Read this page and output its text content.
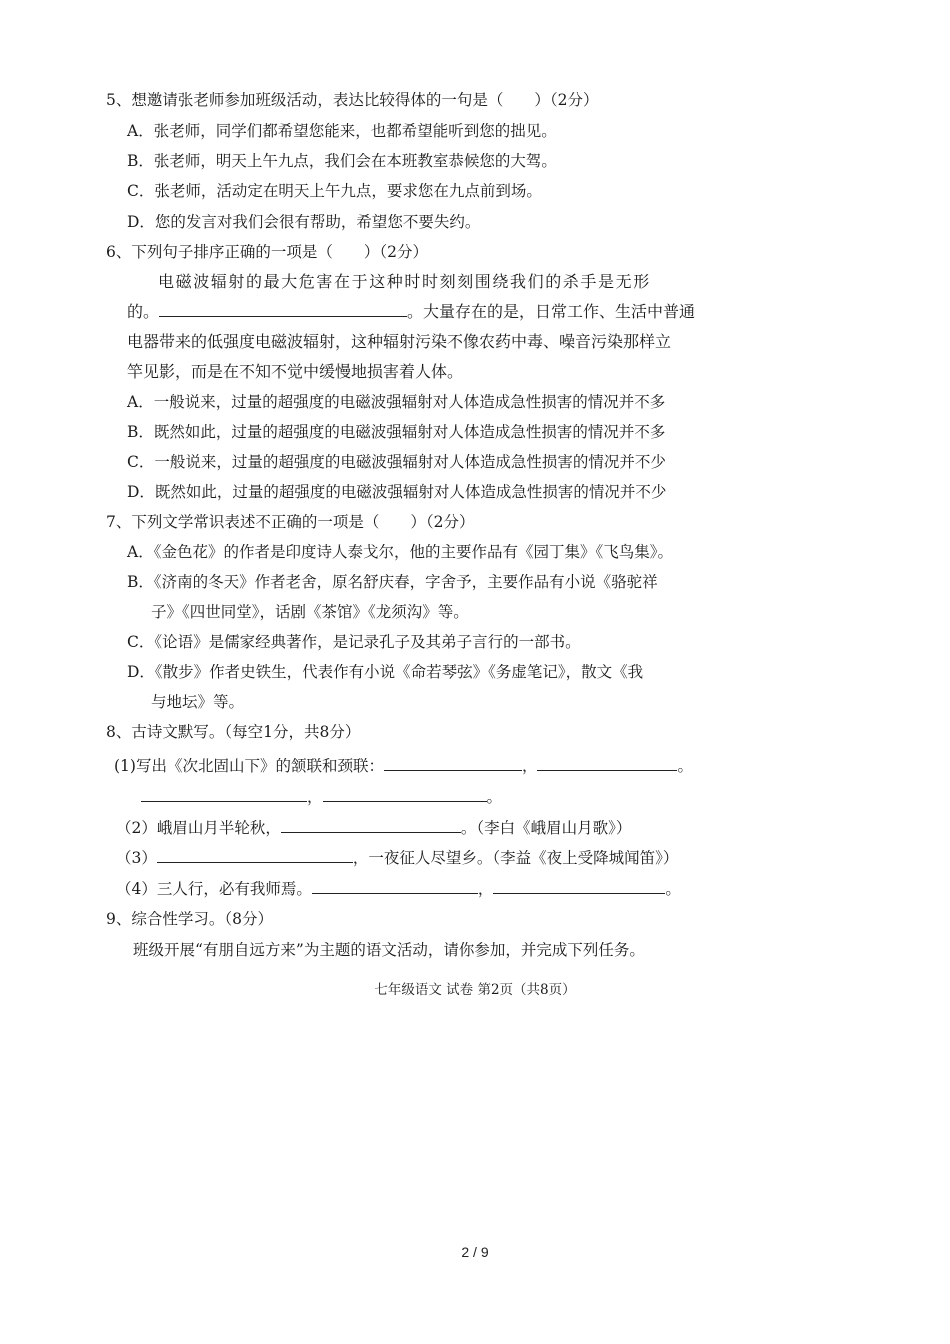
5、想邀请张老师参加班级活动，表达比较得体的一句是（　　）（2分）
A．张老师，同学们都希望您能来，也都希望能听到您的拙见。
B．张老师，明天上午九点，我们会在本班教室恭候您的大驾。
C．张老师，活动定在明天上午九点，要求您在九点前到场。
D．您的发言对我们会很有帮助，希望您不要失约。
6、下列句子排序正确的一项是（　　）（2分）
电磁波辐射的最大危害在于这种时时刻刻围绕我们的杀手是无形
的。	。大量存在的是，日常工作、生活中普通
电器带来的低强度电磁波辐射，这种辐射污染不像农药中毒、噪音污染那样立
竿见影，而是在不知不觉中缓慢地损害着人体。
A．一般说来，过量的超强度的电磁波强辐射对人体造成急性损害的情况并不多
B．既然如此，过量的超强度的电磁波强辐射对人体造成急性损害的情况并不多
C．一般说来，过量的超强度的电磁波强辐射对人体造成急性损害的情况并不少
D．既然如此，过量的超强度的电磁波强辐射对人体造成急性损害的情况并不少
7、下列文学常识表述不正确的一项是（　　）（2分）
A．《金色花》的作者是印度诗人泰戈尔，他的主要作品有《园丁集》《飞鸟集》。
B．《济南的冬天》作者老舍，原名舒庆春，字舍予，主要作品有小说《骆驼祥
子》《四世同堂》，话剧《茶馆》《龙须沟》等。
C．《论语》是儒家经典著作，是记录孔子及其弟子言行的一部书。
D．《散步》作者史铁生，代表作有小说《命若琴弦》《务虚笔记》，散文《我
与地坛》等。
8、古诗文默写。（每空1分，共8分）
(1)写出《次北固山下》的颔联和颈联：	，	。
，	。
（2）峨眉山月半轮秋，	。（李白《峨眉山月歌》）
（3）	，一夜征人尽望乡。（李益《夜上受降城闻笛》）
（4）三人行，必有我师焉。	，	。
9、综合性学习。（8分）
班级开展“有朋自远方来”为主题的语文活动，请你参加，并完成下列任务。
七年级语文 试卷 第2页（共8页）
2 / 9
